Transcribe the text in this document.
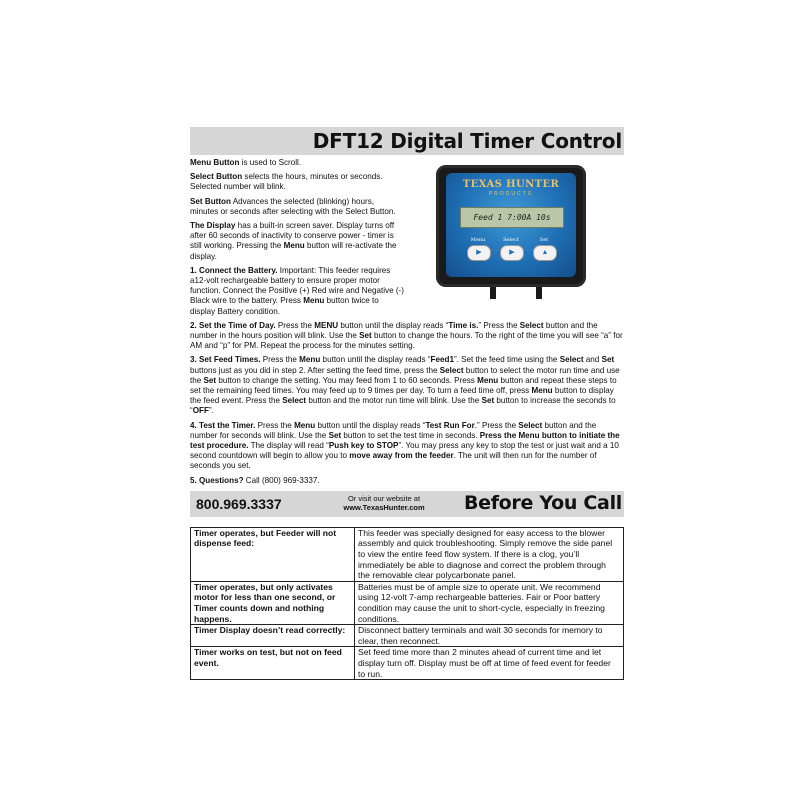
DFT12 Digital Timer Control
TEXAS HUNTER
PRODUCTS
Feed 1 7:00A 10s
Menu	Select	Set
▶	▶	▲

Menu Button is used to Scroll.

Select Button selects the hours, minutes or seconds. Selected number will blink.

Set Button Advances the selected (blinking) hours, minutes or seconds after selecting with the Select Button.

The Display has a built-in screen saver. Display turns off after 60 seconds of inactivity to conserve power - timer is still working. Pressing the Menu button will re-activate the display.

1. Connect the Battery. Important: This feeder requires a12-volt rechargeable battery to ensure proper motor function. Connect the Positive (+) Red wire and Negative (-) Black wire to the battery. Press Menu button twice to display Battery condition.

2. Set the Time of Day. Press the MENU button until the display reads “Time is.” Press the Select button and the number in the hours position will blink. Use the Set button to change the hours. To the right of the time you will see “a” for AM and “p” for PM. Repeat the process for the minutes setting.

3. Set Feed Times. Press the Menu button until the display reads “Feed1”. Set the feed time using the Select and Set buttons just as you did in step 2. After setting the feed time, press the Select button to select the motor run time and use the Set button to change the setting. You may feed from 1 to 60 seconds. Press Menu button and repeat these steps to set the remaining feed times. You may feed up to 9 times per day. To turn a feed time off, press Menu button to display the feed event. Press the Select button and the motor run time will blink. Use the Set button to increase the seconds to “OFF”.

4. Test the Timer. Press the Menu button until the display reads “Test Run For.” Press the Select button and the number for seconds will blink. Use the Set button to set the test time in seconds. Press the Menu button to initiate the test procedure. The display will read “Push key to STOP”. You may press any key to stop the test or just wait and a 10 second countdown will begin to allow you to move away from the feeder. The unit will then run for the number of seconds you set.

5. Questions? Call (800) 969-3337.

800.969.3337	Or visit our website at
www.TexasHunter.com	Before You Call
Timer operates, but Feeder will not dispense feed:	This feeder was specially designed for easy access to the blower assembly and quick troubleshooting. Simply remove the side panel to view the entire feed flow system. If there is a clog, you’ll immediately be able to diagnose and correct the problem through the removable clear polycarbonate panel.
Timer operates, but only activates motor for less than one second, or Timer counts down and nothing happens.	Batteries must be of ample size to operate unit. We recommend using 12-volt 7-amp rechargeable batteries. Fair or Poor battery condition may cause the unit to short-cycle, especially in freezing conditions.
Timer Display doesn’t read correctly:	Disconnect battery terminals and wait 30 seconds for memory to clear, then reconnect.
Timer works on test, but not on feed event.	Set feed time more than 2 minutes ahead of current time and let display turn off. Display must be off at time of feed event for feeder to run.
